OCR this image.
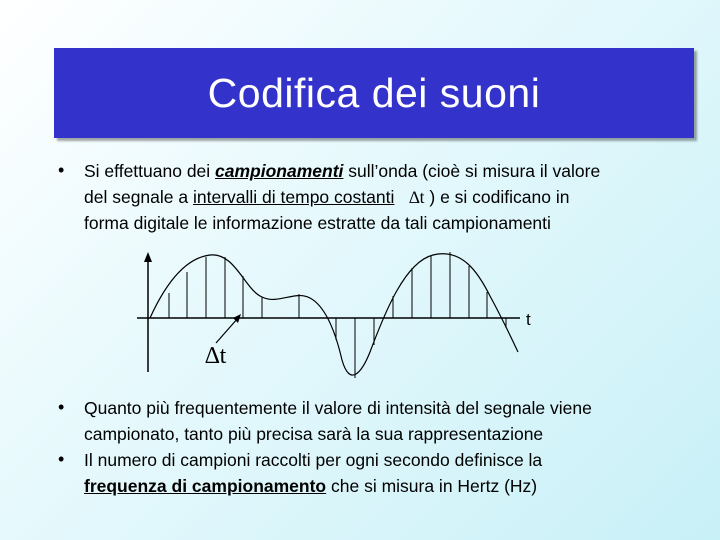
Codifica dei suoni
• Si effettuano dei campionamenti sull’onda (cioè si misura il valore
del segnale a intervalli di tempo costanti ∆t ) e si codificano in
forma digitale le informazione estratte da tali campionamenti
t
∆t
• Quanto più frequentemente il valore di intensità del segnale viene
campionato, tanto più precisa sarà la sua rappresentazione
• Il numero di campioni raccolti per ogni secondo definisce la
frequenza di campionamento che si misura in Hertz (Hz)
